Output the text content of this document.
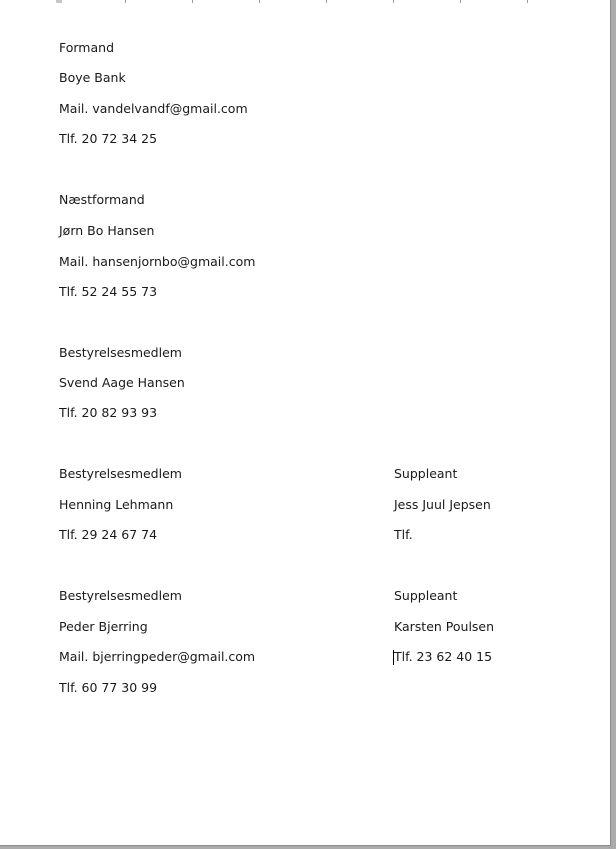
Formand
Boye Bank
Mail. vandelvandf@gmail.com
Tlf. 20 72 34 25
Næstformand
Jørn Bo Hansen
Mail. hansenjornbo@gmail.com
Tlf. 52 24 55 73
Bestyrelsesmedlem
Svend Aage Hansen
Tlf. 20 82 93 93
Bestyrelsesmedlem
Henning Lehmann
Tlf. 29 24 67 74
Suppleant
Jess Juul Jepsen
Tlf.
Bestyrelsesmedlem
Peder Bjerring
Mail. bjerringpeder@gmail.com
Tlf. 60 77 30 99
Suppleant
Karsten Poulsen
Tlf. 23 62 40 15
